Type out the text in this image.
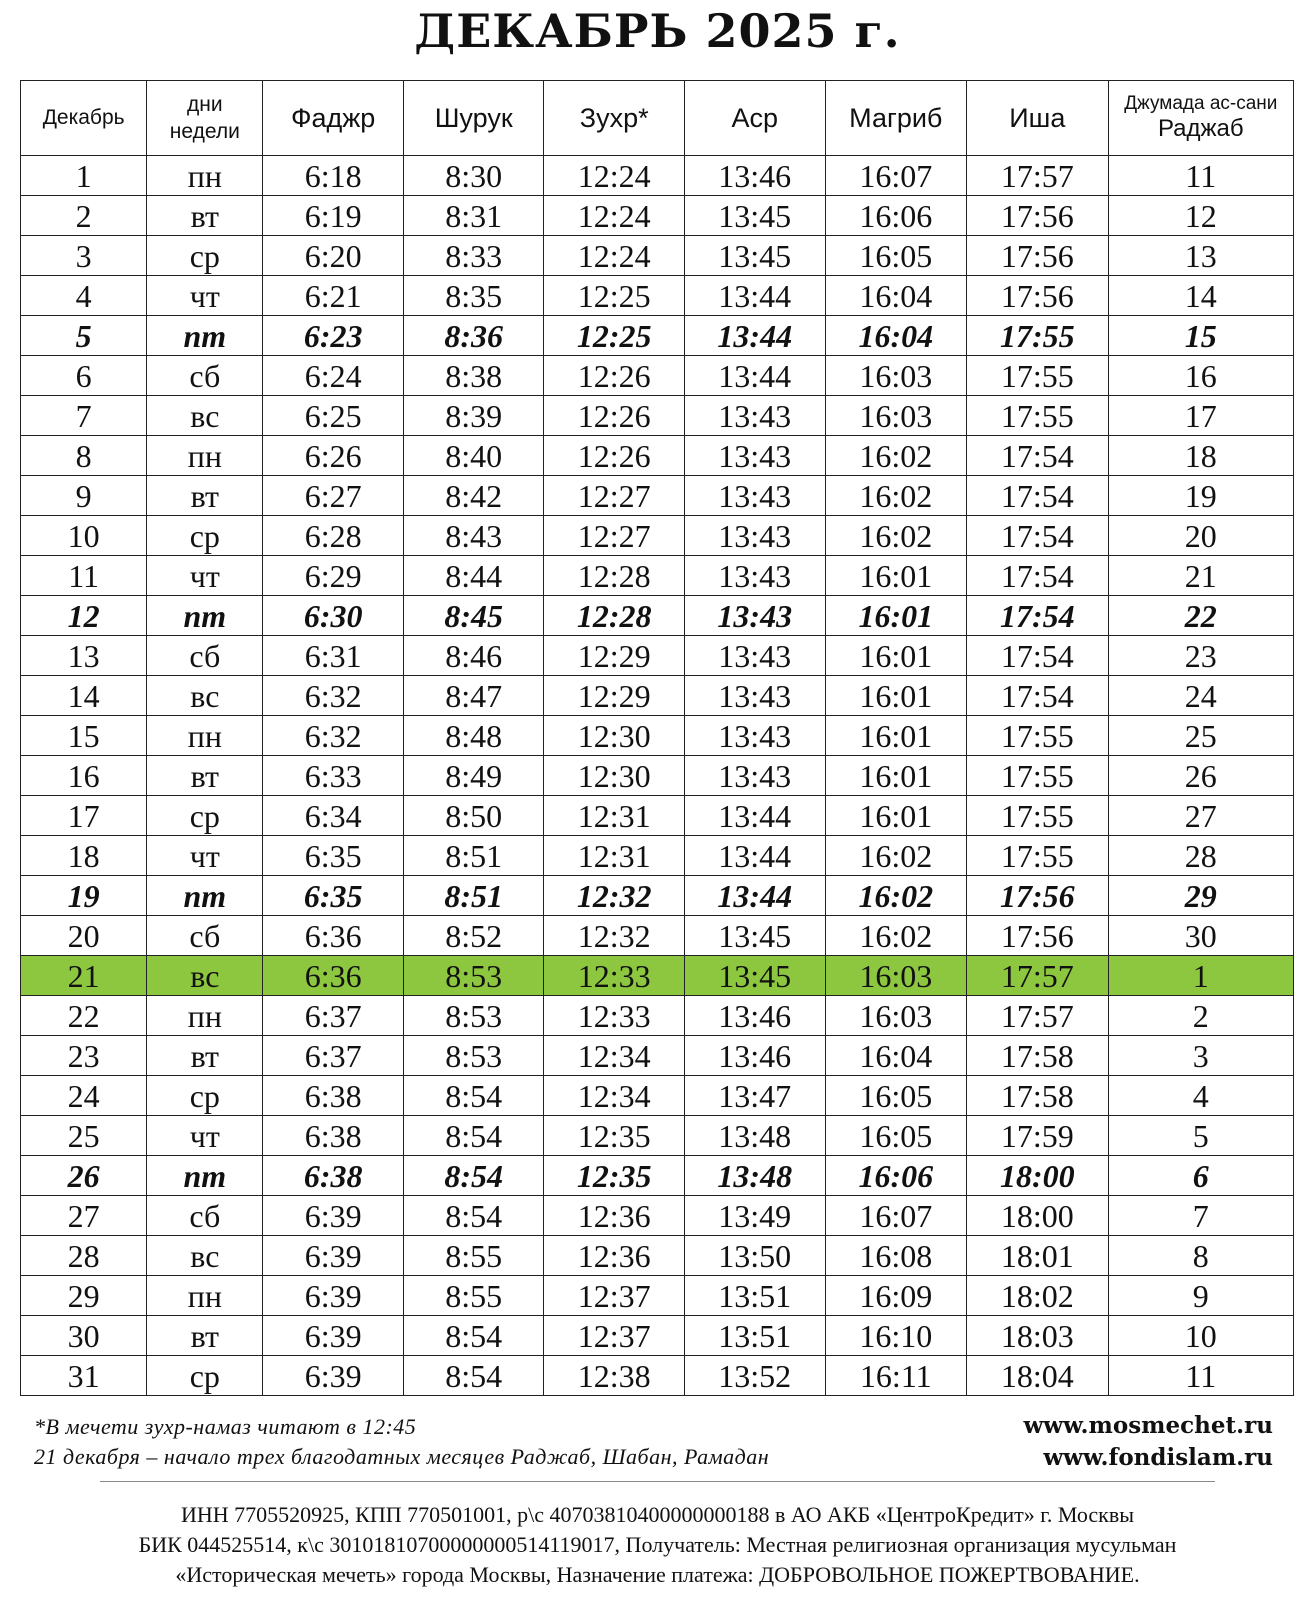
ДЕКАБРЬ 2025 г.
Декабрь	дни
недели	Фаджр	Шурук	Зухр*	Аср	Магриб	Иша	Джумада ас-сани
Раджаб

1	пн	6:18	8:30	12:24	13:46	16:07	17:57	11
2	вт	6:19	8:31	12:24	13:45	16:06	17:56	12
3	ср	6:20	8:33	12:24	13:45	16:05	17:56	13
4	чт	6:21	8:35	12:25	13:44	16:04	17:56	14
5	пт	6:23	8:36	12:25	13:44	16:04	17:55	15
6	сб	6:24	8:38	12:26	13:44	16:03	17:55	16
7	вс	6:25	8:39	12:26	13:43	16:03	17:55	17
8	пн	6:26	8:40	12:26	13:43	16:02	17:54	18
9	вт	6:27	8:42	12:27	13:43	16:02	17:54	19
10	ср	6:28	8:43	12:27	13:43	16:02	17:54	20
11	чт	6:29	8:44	12:28	13:43	16:01	17:54	21
12	пт	6:30	8:45	12:28	13:43	16:01	17:54	22
13	сб	6:31	8:46	12:29	13:43	16:01	17:54	23
14	вс	6:32	8:47	12:29	13:43	16:01	17:54	24
15	пн	6:32	8:48	12:30	13:43	16:01	17:55	25
16	вт	6:33	8:49	12:30	13:43	16:01	17:55	26
17	ср	6:34	8:50	12:31	13:44	16:01	17:55	27
18	чт	6:35	8:51	12:31	13:44	16:02	17:55	28
19	пт	6:35	8:51	12:32	13:44	16:02	17:56	29
20	сб	6:36	8:52	12:32	13:45	16:02	17:56	30
21	вс	6:36	8:53	12:33	13:45	16:03	17:57	1
22	пн	6:37	8:53	12:33	13:46	16:03	17:57	2
23	вт	6:37	8:53	12:34	13:46	16:04	17:58	3
24	ср	6:38	8:54	12:34	13:47	16:05	17:58	4
25	чт	6:38	8:54	12:35	13:48	16:05	17:59	5
26	пт	6:38	8:54	12:35	13:48	16:06	18:00	6
27	сб	6:39	8:54	12:36	13:49	16:07	18:00	7
28	вс	6:39	8:55	12:36	13:50	16:08	18:01	8
29	пн	6:39	8:55	12:37	13:51	16:09	18:02	9
30	вт	6:39	8:54	12:37	13:51	16:10	18:03	10
31	ср	6:39	8:54	12:38	13:52	16:11	18:04	11
*В мечети зухр-намаз читают в 12:45
21 декабря – начало трех благодатных месяцев Раджаб, Шабан, Рамадан
www.mosmechet.ru
www.fondislam.ru
ИНН 7705520925, КПП 770501001, р\с 40703810400000000188 в АО АКБ «ЦентроКредит» г. Москвы
БИК 044525514, к\с 30101810700000000514119017, Получатель: Местная религиозная организация мусульман
«Историческая мечеть» города Москвы, Назначение платежа: ДОБРОВОЛЬНОЕ ПОЖЕРТВОВАНИЕ.
